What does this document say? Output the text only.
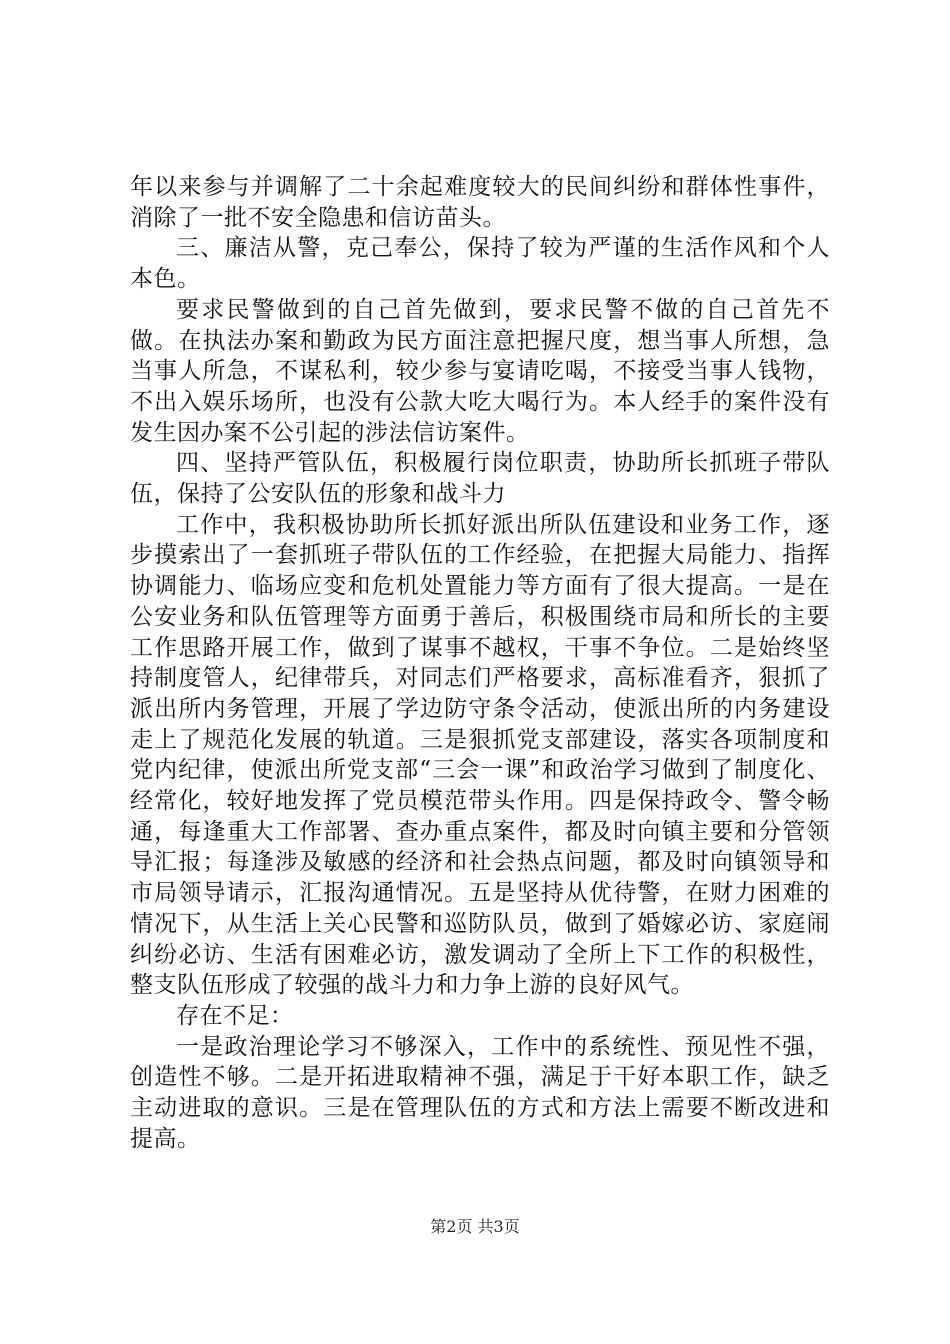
年以来参与并调解了二十余起难度较大的民间纠纷和群体性事件，消除了一批不安全隐患和信访苗头。

三、廉洁从警，克己奉公，保持了较为严谨的生活作风和个人本色。

要求民警做到的自己首先做到，要求民警不做的自己首先不做。在执法办案和勤政为民方面注意把握尺度，想当事人所想，急当事人所急，不谋私利，较少参与宴请吃喝，不接受当事人钱物，不出入娱乐场所，也没有公款大吃大喝行为。本人经手的案件没有发生因办案不公引起的涉法信访案件。

四、坚持严管队伍，积极履行岗位职责，协助所长抓班子带队伍，保持了公安队伍的形象和战斗力

工作中，我积极协助所长抓好派出所队伍建设和业务工作，逐步摸索出了一套抓班子带队伍的工作经验，在把握大局能力、指挥协调能力、临场应变和危机处置能力等方面有了很大提高。一是在公安业务和队伍管理等方面勇于善后，积极围绕市局和所长的主要工作思路开展工作，做到了谋事不越权，干事不争位。二是始终坚持制度管人，纪律带兵，对同志们严格要求，高标准看齐，狠抓了派出所内务管理，开展了学边防守条令活动，使派出所的内务建设走上了规范化发展的轨道。三是狠抓党支部建设，落实各项制度和党内纪律，使派出所党支部“三会一课”和政治学习做到了制度化、经常化，较好地发挥了党员模范带头作用。四是保持政令、警令畅通，每逢重大工作部署、查办重点案件，都及时向镇主要和分管领导汇报；每逢涉及敏感的经济和社会热点问题，都及时向镇领导和市局领导请示，汇报沟通情况。五是坚持从优待警，在财力困难的情况下，从生活上关心民警和巡防队员，做到了婚嫁必访、家庭闹纠纷必访、生活有困难必访，激发调动了全所上下工作的积极性，整支队伍形成了较强的战斗力和力争上游的良好风气。

存在不足：

一是政治理论学习不够深入，工作中的系统性、预见性不强，创造性不够。二是开拓进取精神不强，满足于干好本职工作，缺乏主动进取的意识。三是在管理队伍的方式和方法上需要不断改进和提高。

第2页 共3页
